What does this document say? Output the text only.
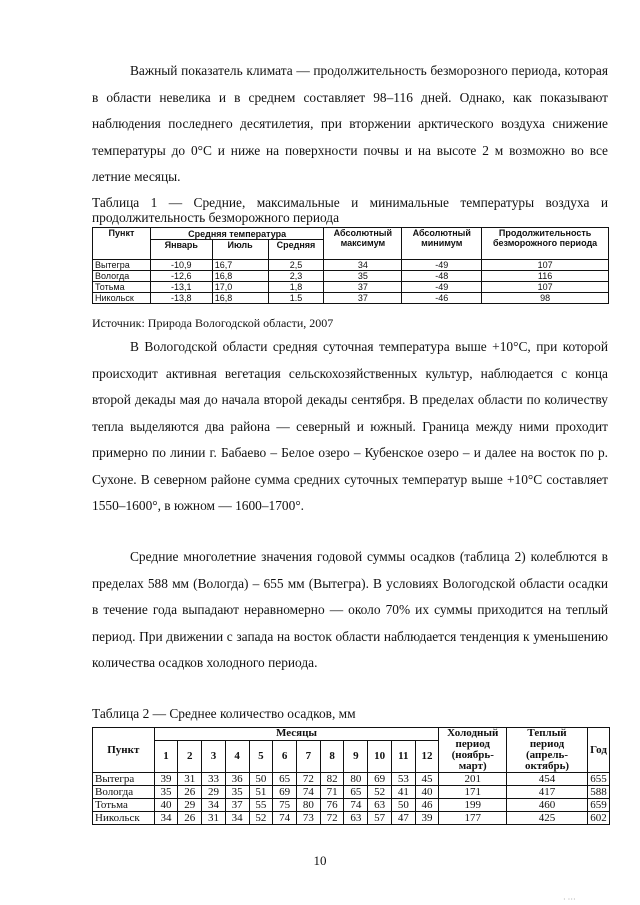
Важный показатель климата — продолжительность безморозного периода, которая в области невелика и в среднем составляет 98–116 дней. Однако, как показывают наблюдения последнего десятилетия, при вторжении арктического воздуха снижение температуры до 0°С и ниже на поверхности почвы и на высоте 2 м возможно во все летние месяцы.

Таблица 1 — Средние, максимальные и минимальные температуры воздуха и продолжительность безморожного периода

Пункт	Средняя температура			Абсолютный максимум	Абсолютный минимум	Продолжительность безморожного периода
	Январь	Июль	Средняя			
Вытегра	-10,9	16,7	2,5	34	-49	107
Вологда	-12,6	16,8	2,3	35	-48	116
Тотьма	-13,1	17,0	1,8	37	-49	107
Никольск	-13,8	16,8	1.5	37	-46	98
Источник: Природа Вологодской области, 2007

В Вологодской области средняя суточная температура выше +10°С, при которой происходит активная вегетация сельскохозяйственных культур, наблюдается с конца второй декады мая до начала второй декады сентября. В пределах области по количеству тепла выделяются два района — северный и южный. Граница между ними проходит примерно по линии г. Бабаево – Белое озеро – Кубенское озеро – и далее на восток по р. Сухоне. В северном районе сумма средних суточных температур выше +10°С составляет 1550–1600°, в южном — 1600–1700°.

Средние многолетние значения годовой суммы осадков (таблица 2) колеблются в пределах 588 мм (Вологда) – 655 мм (Вытегра). В условиях Вологодской области осадки в течение года выпадают неравномерно — около 70% их суммы приходится на теплый период. При движении с запада на восток области наблюдается тенденция к уменьшению количества осадков холодного периода.

Таблица 2 — Среднее количество осадков, мм

Пункт	Месяцы												Холодный период (ноябрь-март)	Теплый период (апрель-октябрь)	Год
	1	2	3	4	5	6	7	8	9	10	11	12			
Вытегра	39	31	33	36	50	65	72	82	80	69	53	45	201	454	655
Вологда	35	26	29	35	51	69	74	71	65	52	41	40	171	417	588
Тотьма	40	29	34	37	55	75	80	76	74	63	50	46	199	460	659
Никольск	34	26	31	34	52	74	73	72	63	57	47	39	177	425	602
10
· ···
